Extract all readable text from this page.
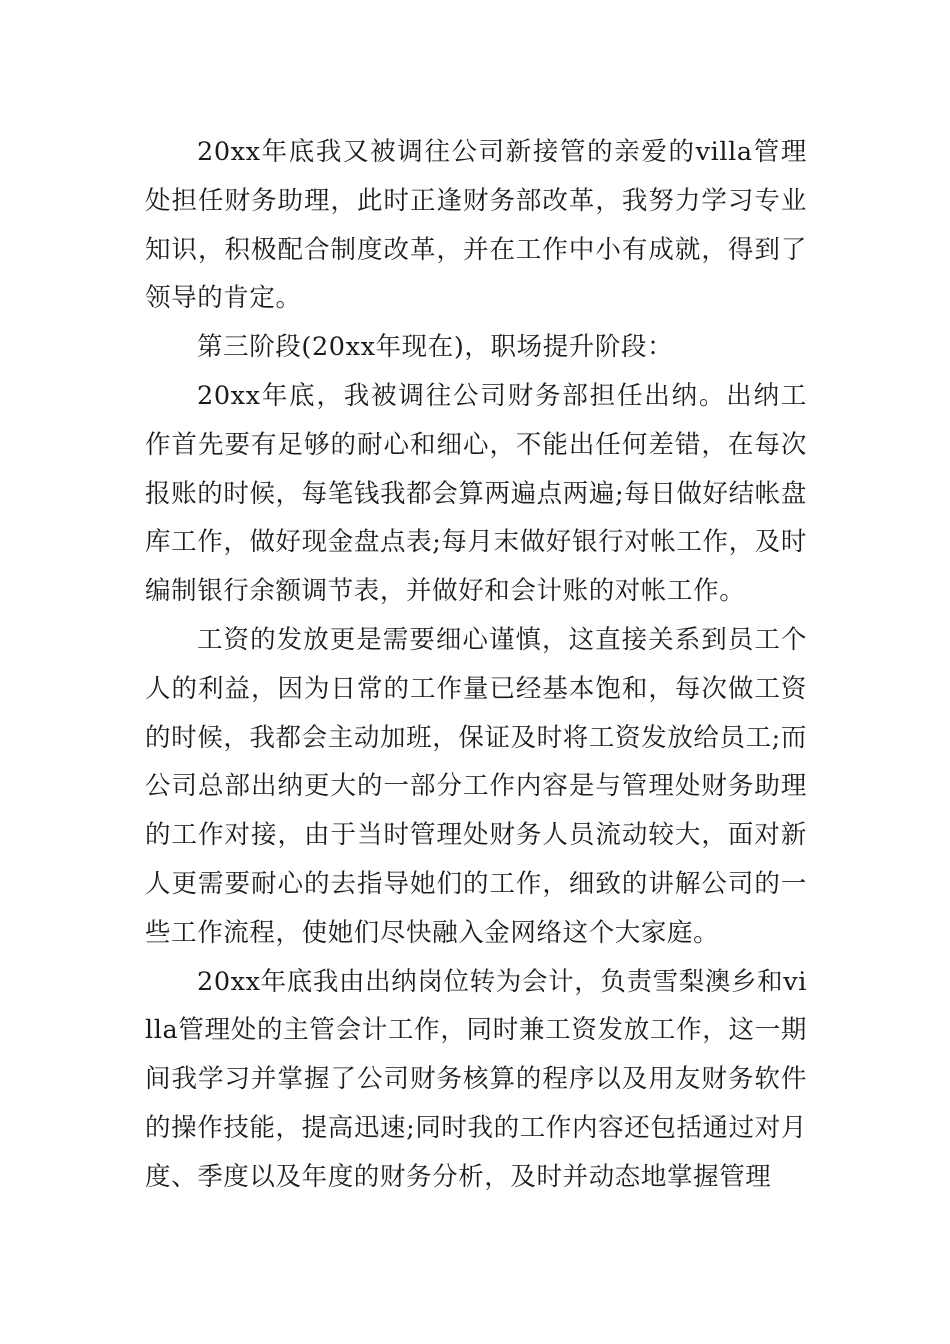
20xx年底我又被调往公司新接管的亲爱的villa管理处担任财务助理，此时正逢财务部改革，我努力学习专业知识，积极配合制度改革，并在工作中小有成就，得到了领导的肯定。

第三阶段(20xx年现在)，职场提升阶段：

20xx年底，我被调往公司财务部担任出纳。出纳工作首先要有足够的耐心和细心，不能出任何差错，在每次报账的时候，每笔钱我都会算两遍点两遍;每日做好结帐盘库工作，做好现金盘点表;每月末做好银行对帐工作，及时编制银行余额调节表，并做好和会计账的对帐工作。

工资的发放更是需要细心谨慎，这直接关系到员工个人的利益，因为日常的工作量已经基本饱和，每次做工资的时候，我都会主动加班，保证及时将工资发放给员工;而公司总部出纳更大的一部分工作内容是与管理处财务助理的工作对接，由于当时管理处财务人员流动较大，面对新人更需要耐心的去指导她们的工作，细致的讲解公司的一些工作流程，使她们尽快融入金网络这个大家庭。

20xx年底我由出纳岗位转为会计，负责雪梨澳乡和villa管理处的主管会计工作，同时兼工资发放工作，这一期间我学习并掌握了公司财务核算的程序以及用友财务软件的操作技能，提高迅速;同时我的工作内容还包括通过对月度、季度以及年度的财务分析，及时并动态地掌握管理
